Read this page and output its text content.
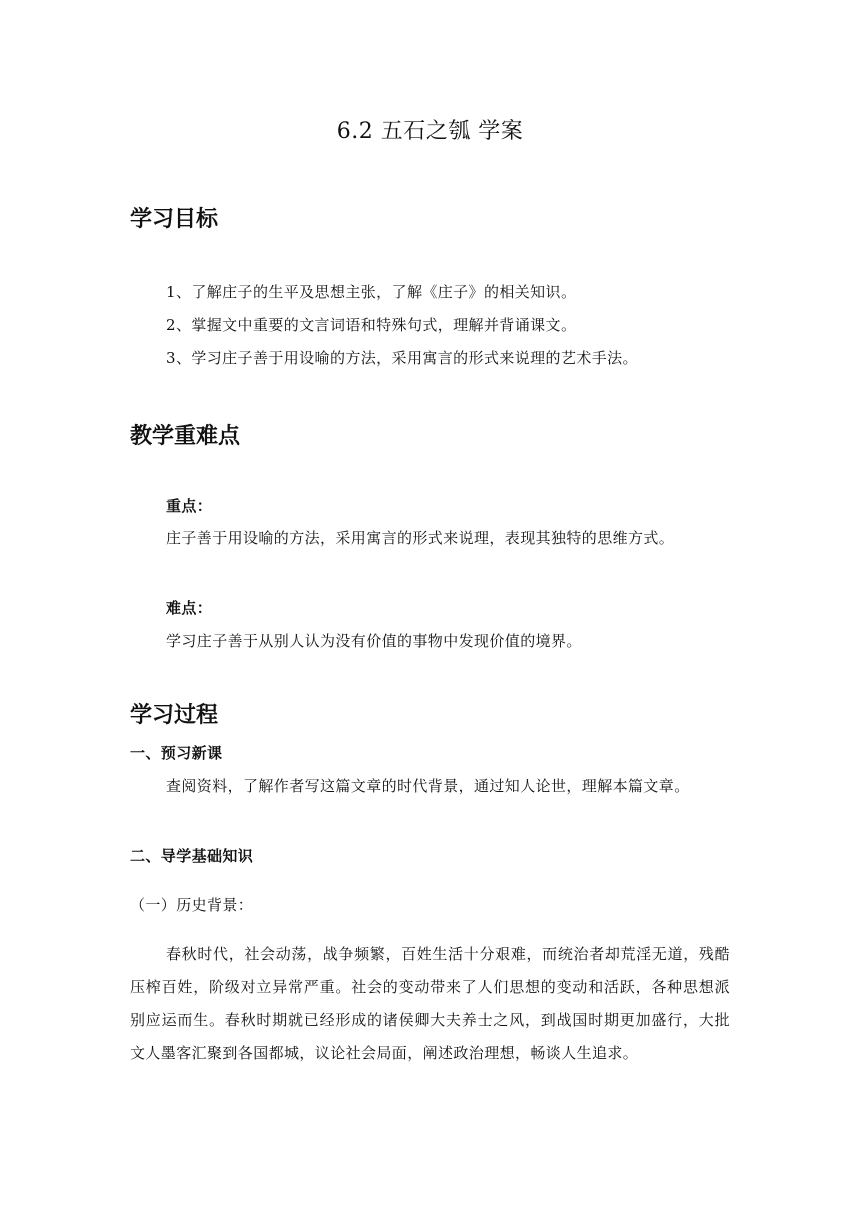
6.2 五石之瓠 学案
学习目标
1、了解庄子的生平及思想主张，了解《庄子》的相关知识。
2、掌握文中重要的文言词语和特殊句式，理解并背诵课文。
3、学习庄子善于用设喻的方法，采用寓言的形式来说理的艺术手法。
教学重难点
重点：
庄子善于用设喻的方法，采用寓言的形式来说理，表现其独特的思维方式。
难点：
学习庄子善于从别人认为没有价值的事物中发现价值的境界。
学习过程
一、预习新课
查阅资料，了解作者写这篇文章的时代背景，通过知人论世，理解本篇文章。
二、导学基础知识
（一）历史背景：
春秋时代，社会动荡，战争频繁，百姓生活十分艰难，而统治者却荒淫无道，残酷压榨百姓，阶级对立异常严重。社会的变动带来了人们思想的变动和活跃，各种思想派别应运而生。春秋时期就已经形成的诸侯卿大夫养士之风，到战国时期更加盛行，大批文人墨客汇聚到各国都城，议论社会局面，阐述政治理想，畅谈人生追求。
